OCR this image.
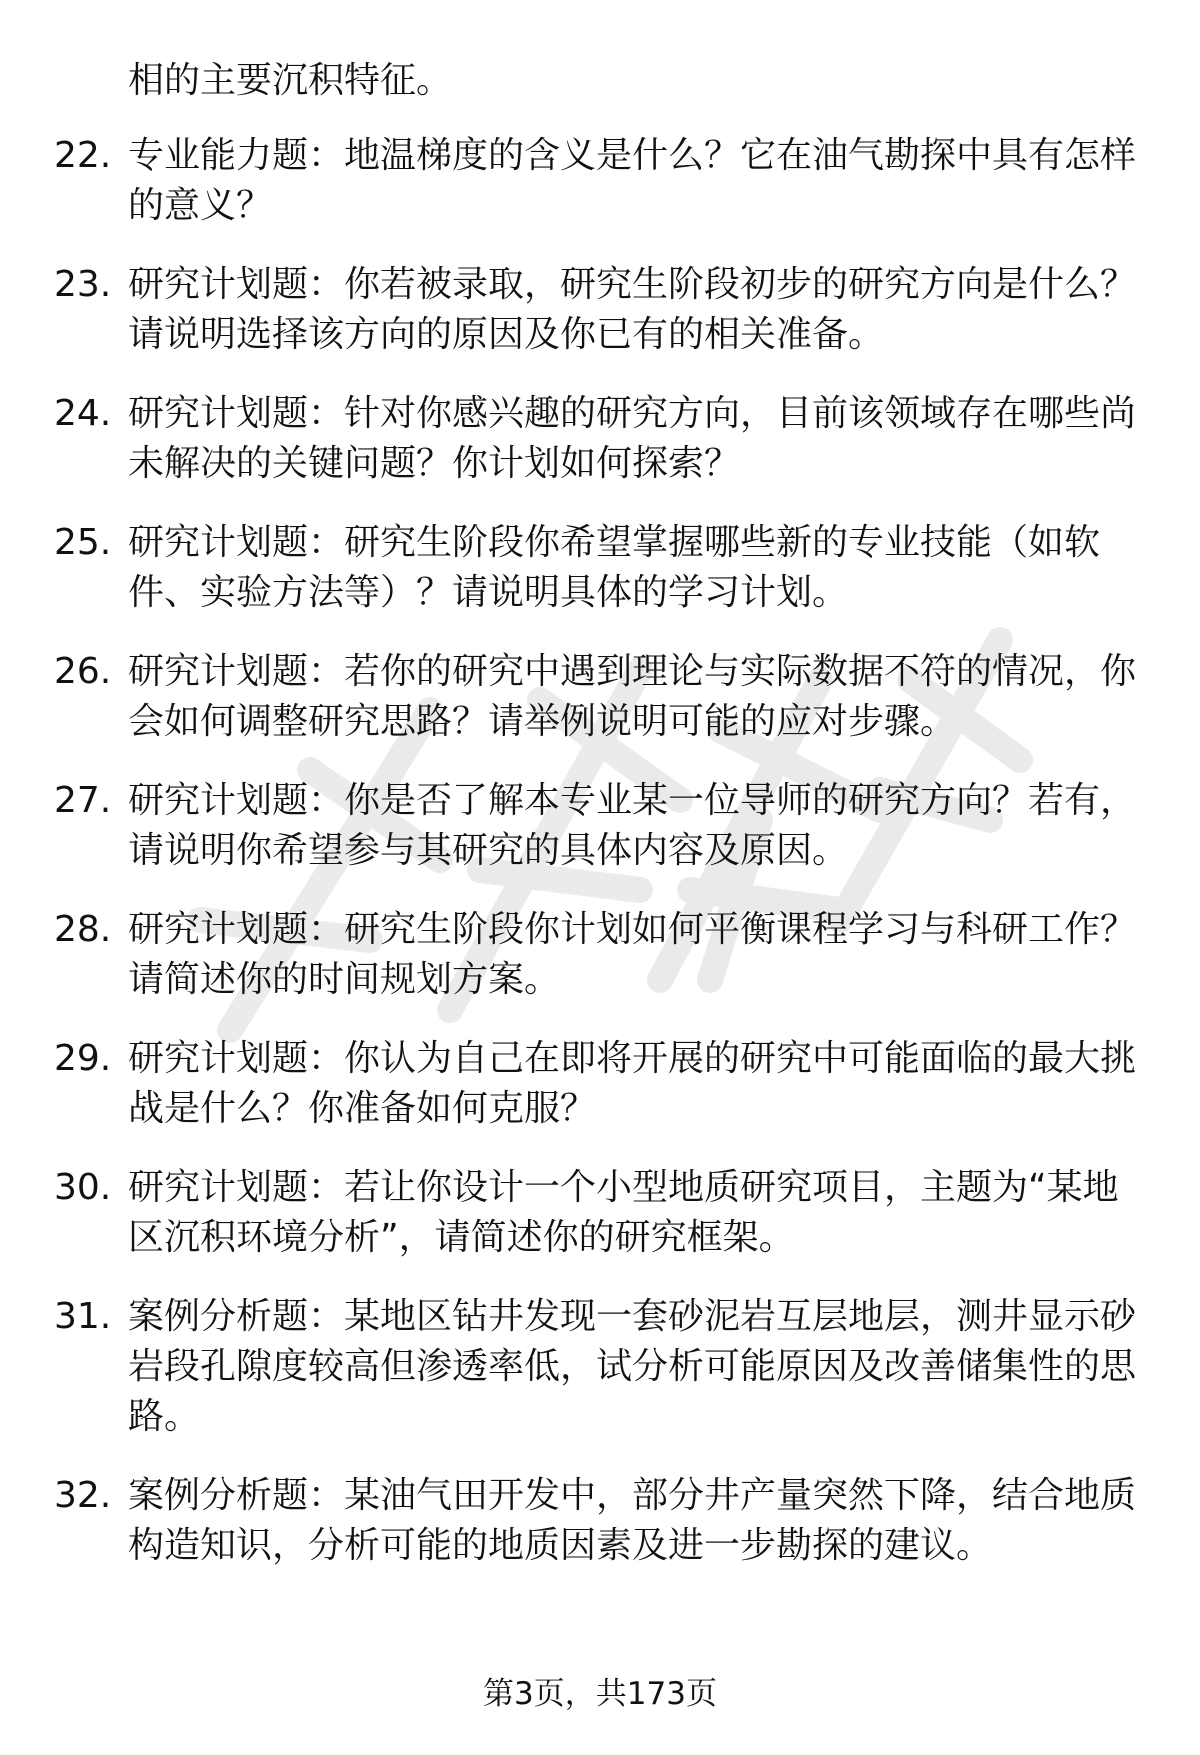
相的主要沉积特征。
22. 专业能力题：地温梯度的含义是什么？它在油气勘探中具有怎样
的意义？
23. 研究计划题：你若被录取，研究生阶段初步的研究方向是什么？
请说明选择该方向的原因及你已有的相关准备。
24. 研究计划题：针对你感兴趣的研究方向，目前该领域存在哪些尚
未解决的关键问题？你计划如何探索？
25. 研究计划题：研究生阶段你希望掌握哪些新的专业技能（如软
件、实验方法等）？请说明具体的学习计划。
26. 研究计划题：若你的研究中遇到理论与实际数据不符的情况，你
会如何调整研究思路？请举例说明可能的应对步骤。
27. 研究计划题：你是否了解本专业某一位导师的研究方向？若有，
请说明你希望参与其研究的具体内容及原因。
28. 研究计划题：研究生阶段你计划如何平衡课程学习与科研工作？
请简述你的时间规划方案。
29. 研究计划题：你认为自己在即将开展的研究中可能面临的最大挑
战是什么？你准备如何克服？
30. 研究计划题：若让你设计一个小型地质研究项目，主题为“某地
区沉积环境分析”，请简述你的研究框架。
31. 案例分析题：某地区钻井发现一套砂泥岩互层地层，测井显示砂
岩段孔隙度较高但渗透率低，试分析可能原因及改善储集性的思
路。
32. 案例分析题：某油气田开发中，部分井产量突然下降，结合地质
构造知识，分析可能的地质因素及进一步勘探的建议。
第3页，共173页
